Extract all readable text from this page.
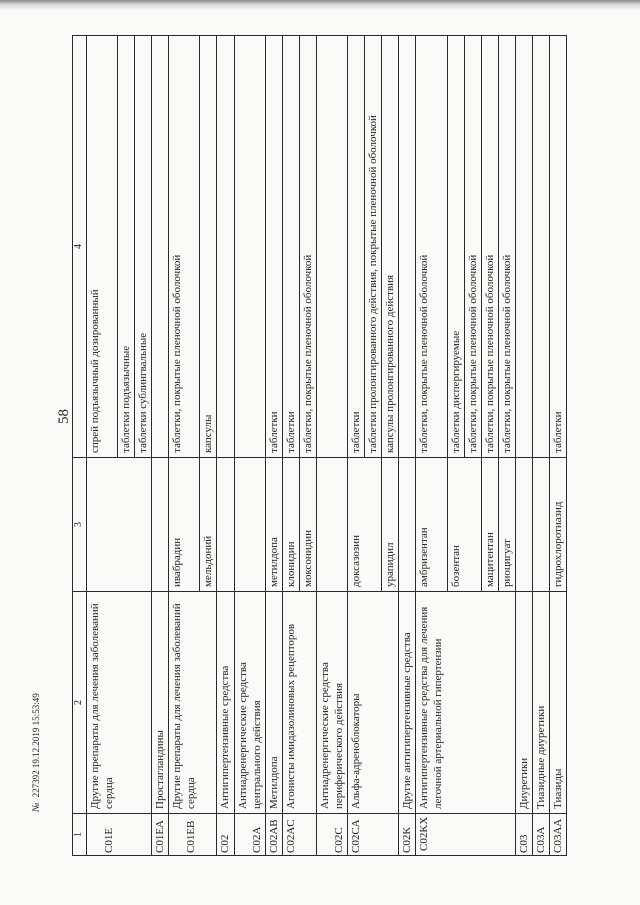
58
1	2	3	4
C01E	Другие препараты для лечения заболеваний сердца		спрей подъязычный дозированный
			таблетки подъязычные
			таблетки сублингвальные
C01EA	Простагландины		
C01EB	Другие препараты для лечения заболеваний сердца	ивабрадин	таблетки, покрытые пленочной оболочкой
		мельдоний	капсулы
C02	Антигипертензивные средства		
C02A	Антиадренергические средства центрального действия		
C02AB	Метилдопа	метилдопа	таблетки
C02AC	Агонисты имидазолиновых рецепторов	клонидин	таблетки
		моксонидин	таблетки, покрытые пленочной оболочкой
C02C	Антиадренергические средства периферического действия		
C02CA	Альфа-адреноблокаторы	доксазозин	таблетки
			таблетки пролонгированного действия, покрытые пленочной оболочкой
		урапидил	капсулы пролонгированного действия
C02K	Другие антигипертензивные средства		
C02KX	Антигипертензивные средства для лечения легочной артериальной гипертензии	амбризентан	таблетки, покрытые пленочной оболочкой
		бозентан	таблетки диспергируемые
			таблетки, покрытые пленочной оболочкой
		мацитентан	таблетки, покрытые пленочной оболочкой
		риоцигуат	таблетки, покрытые пленочной оболочкой
C03	Диуретики		
C03A	Тиазидные диуретики		
C03AA	Тиазиды	гидрохлоротиазид	таблетки
№ 227392 19.12.2019 15:53:49
